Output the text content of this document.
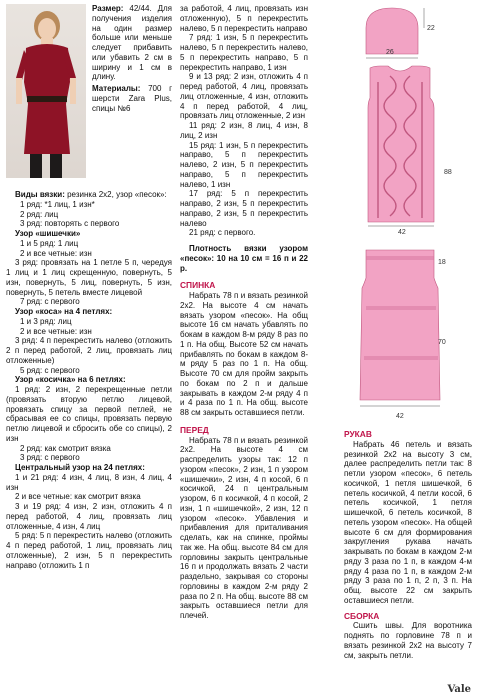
Размер: 42/44. Для получения изделия на один размер больше или меньше следует прибавить или убавить 2 см в ширину и 1 см в длину.

Материалы: 700 г шерсти Zara Plus, спицы №6

Виды вязки: резинка 2х2, узор «песок»:

1 ряд: *1 лиц, 1 изн*

2 ряд: лиц

3 ряд: повторять с первого

Узор «шишечки»

1 и 5 ряд: 1 лиц

2 и все четные: изн

3 ряд: провязать на 1 петле 5 п, чередуя 1 лиц и 1 лиц скрещенную, повернуть, 5 изн, повернуть, 5 лиц, повернуть, 5 изн, повернуть, 5 петель вместе лицевой

7 ряд: с первого

Узор «коса» на 4 петлях:

1 и 3 ряд: лиц

2 и все четные: изн

3 ряд: 4 п перекрестить налево (отложить 2 п перед работой, 2 лиц, провязать лиц отложенные)

5 ряд: с первого

Узор «косичка» на 6 петлях:

1 ряд: 2 изн, 2 перекрещенные петли (провязать вторую петлю лицевой, провязать спицу за первой петлей, не сбрасывая ее со спицы, провязать первую петлю лицевой и сбросить обе со спицы), 2 изн

2 ряд: как смотрит вязка

3 ряд: с первого

Центральный узор на 24 петлях:

1 и 21 ряд: 4 изн, 4 лиц, 8 изн, 4 лиц, 4 изн

2 и все четные: как смотрит вязка

3 и 19 ряд: 4 изн, 2 изн, отложить 4 п перед работой, 4 лиц, провязать лиц отложенные, 4 изн, 4 лиц

5 ряд: 5 п перекрестить налево (отложить 4 п перед работой, 1 лиц, провязать лиц отложенные), 2 изн, 5 п перекрестить направо (отложить 1 п

за работой, 4 лиц, провязать изн отложенную), 5 п перекрестить налево, 5 п перекрестить направо

7 ряд: 1 изн, 5 п перекрестить налево, 5 п перекрестить налево, 5 п перекрестить направо, 5 п перекрестить направо, 1 изн

9 и 13 ряд: 2 изн, отложить 4 п перед работой, 4 лиц, провязать лиц отложенные, 4 изн, отложить 4 п перед работой, 4 лиц, провязать лиц отложенные, 2 изн

11 ряд: 2 изн, 8 лиц, 4 изн, 8 лиц, 2 изн

15 ряд: 1 изн, 5 п перекрестить направо, 5 п перекрестить налево, 2 изн, 5 п перекрестить направо, 5 п перекрестить налево, 1 изн

17 ряд: 5 п перекрестить направо, 2 изн, 5 п перекрестить направо, 2 изн, 5 п перекрестить налево

21 ряд: с первого.

Плотность вязки узором «песок»: 10 на 10 см = 16 п и 22 р.

СПИНКА

Набрать 78 п и вязать резинкой 2х2. На высоте 4 см начать вязать узором «песок». На общ высоте 16 см начать убавлять по бокам в каждом 8-м ряду 8 раз по 1 п. На общ. Высоте 52 см начать прибавлять по бокам в каждом 8-м ряду 5 раз по 1 п. На общ. Высоте 70 см для пройм закрыть по бокам по 2 п и дальше закрывать в каждом 2-м ряду 4 п и 4 раза по 1 п. На общ. высоте 88 см закрыть оставшиеся петли.

ПЕРЕД

Набрать 78 п и вязать резинкой 2х2. На высоте 4 см распределить узоры так: 12 п узором «песок», 2 изн, 1 п узором «шишечки», 2 изн, 4 п косой, 6 п косичкой, 24 п центральным узором, 6 п косичкой, 4 п косой, 2 изн, 1 п «шишечкой», 2 изн, 12 п узором «песок». Убавления и прибавления для приталивания сделать, как на спинке, проймы так же. На общ. высоте 84 см для горловины закрыть центральные 16 п и продолжать вязать 2 части раздельно, закрывая со стороны горловины в каждом 2-м ряду 2 раза по 2 п. На общ. высоте 88 см закрыть оставшиеся петли для плечей.

22
26
88
42
18
70
42

РУКАВ

Набрать 46 петель и вязать резинкой 2х2 на высоту 3 см, далее распределить петли так: 8 петли узором «песок», 6 петель косичкой, 1 петля шишечкой, 6 петель косичкой, 4 петли косой, 6 петель косичкой, 1 петля шишечкой, 6 петель косичкой, 8 петель узором «песок». На общей высоте 6 см для формирования закругления рукава начать закрывать по бокам в каждом 2-м ряду 3 раза по 1 п, в каждом 4-м ряду 4 раза по 1 п, в каждом 2-м ряду 3 раза по 1 п, 2 п, 3 п. На общ. высоте 22 см закрыть оставшиеся петли.

СБОРКА

Сшить швы. Для воротника поднять по горловине 78 п и вязать резинкой 2х2 на высоту 7 см, закрыть петли.

Vale
